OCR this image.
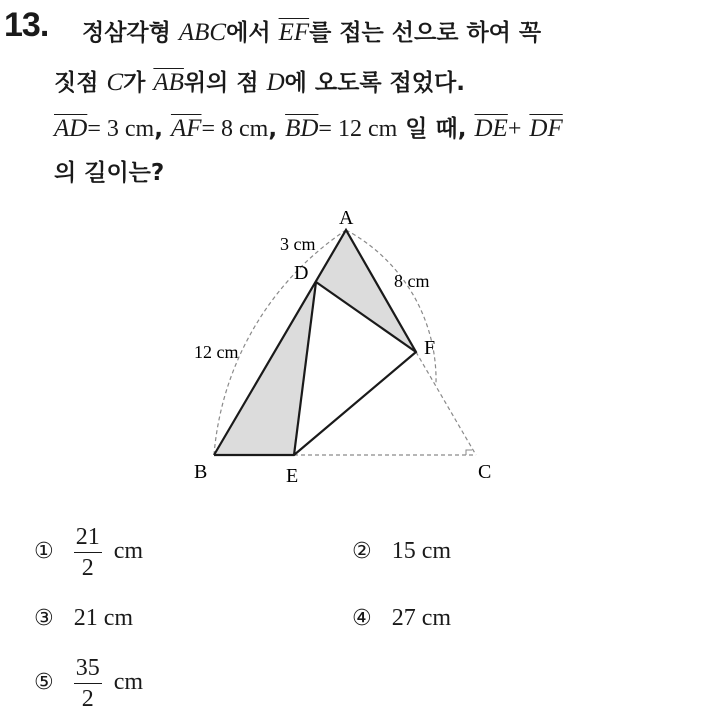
13. 정삼각형 ABC에서 $\overline{EF}$를 접는 선으로 하여 꼭
짓점 C가 $\overline{AB}$위의 점 D에 오도록 접었다.
$\overline{AD}= 3$ cm, $\overline{AF}= 8$ cm, $\overline{BD}= 12$ cm 일 때, $\overline{DE}+ \overline{DF}$
의 길이는?
A
B	C
D
E
F
3 cm
8 cm
12 cm
① $\frac{21}{2}$ cm	② 15 cm
③ 21 cm	④ 27 cm
⑤ $\frac{35}{2}$ cm
